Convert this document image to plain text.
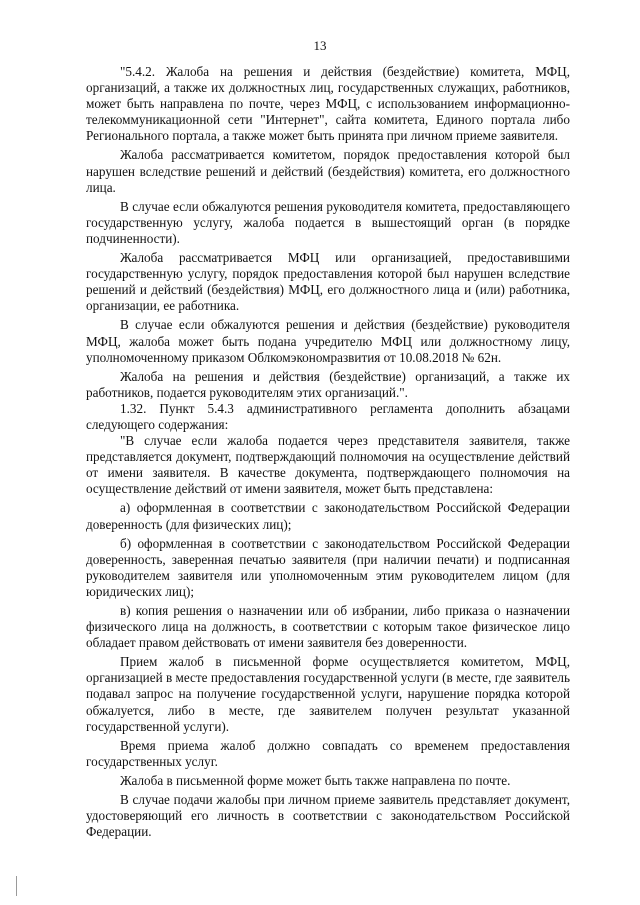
13

"5.4.2. Жалоба на решения и действия (бездействие) комитета, МФЦ, организаций, а также их должностных лиц, государственных служащих, работников, может быть направлена по почте, через МФЦ, с использованием информационно-телекоммуникационной сети "Интернет", сайта комитета, Единого портала либо Регионального портала, а также может быть принята при личном приеме заявителя.

Жалоба рассматривается комитетом, порядок предоставления которой был нарушен вследствие решений и действий (бездействия) комитета, его должностного лица.

В случае если обжалуются решения руководителя комитета, предоставляющего государственную услугу, жалоба подается в вышестоящий орган (в порядке подчиненности).

Жалоба рассматривается МФЦ или организацией, предоставившими государственную услугу, порядок предоставления которой был нарушен вследствие решений и действий (бездействия) МФЦ, его должностного лица и (или) работника, организации, ее работника.

В случае если обжалуются решения и действия (бездействие) руководителя МФЦ, жалоба может быть подана учредителю МФЦ или должностному лицу, уполномоченному приказом Облкомэкономразвития от 10.08.2018 № 62н.

Жалоба на решения и действия (бездействие) организаций, а также их работников, подается руководителям этих организаций.".

1.32. Пункт 5.4.3 административного регламента дополнить абзацами следующего содержания:

"В случае если жалоба подается через представителя заявителя, также представляется документ, подтверждающий полномочия на осуществление действий от имени заявителя. В качестве документа, подтверждающего полномочия на осуществление действий от имени заявителя, может быть представлена:

а) оформленная в соответствии с законодательством Российской Федерации доверенность (для физических лиц);

б) оформленная в соответствии с законодательством Российской Федерации доверенность, заверенная печатью заявителя (при наличии печати) и подписанная руководителем заявителя или уполномоченным этим руководителем лицом (для юридических лиц);

в) копия решения о назначении или об избрании, либо приказа о назначении физического лица на должность, в соответствии с которым такое физическое лицо обладает правом действовать от имени заявителя без доверенности.

Прием жалоб в письменной форме осуществляется комитетом, МФЦ, организацией в месте предоставления государственной услуги (в месте, где заявитель подавал запрос на получение государственной услуги, нарушение порядка которой обжалуется, либо в месте, где заявителем получен результат указанной государственной услуги).

Время приема жалоб должно совпадать со временем предоставления государственных услуг.

Жалоба в письменной форме может быть также направлена по почте.

В случае подачи жалобы при личном приеме заявитель представляет документ, удостоверяющий его личность в соответствии с законодательством Российской Федерации.
